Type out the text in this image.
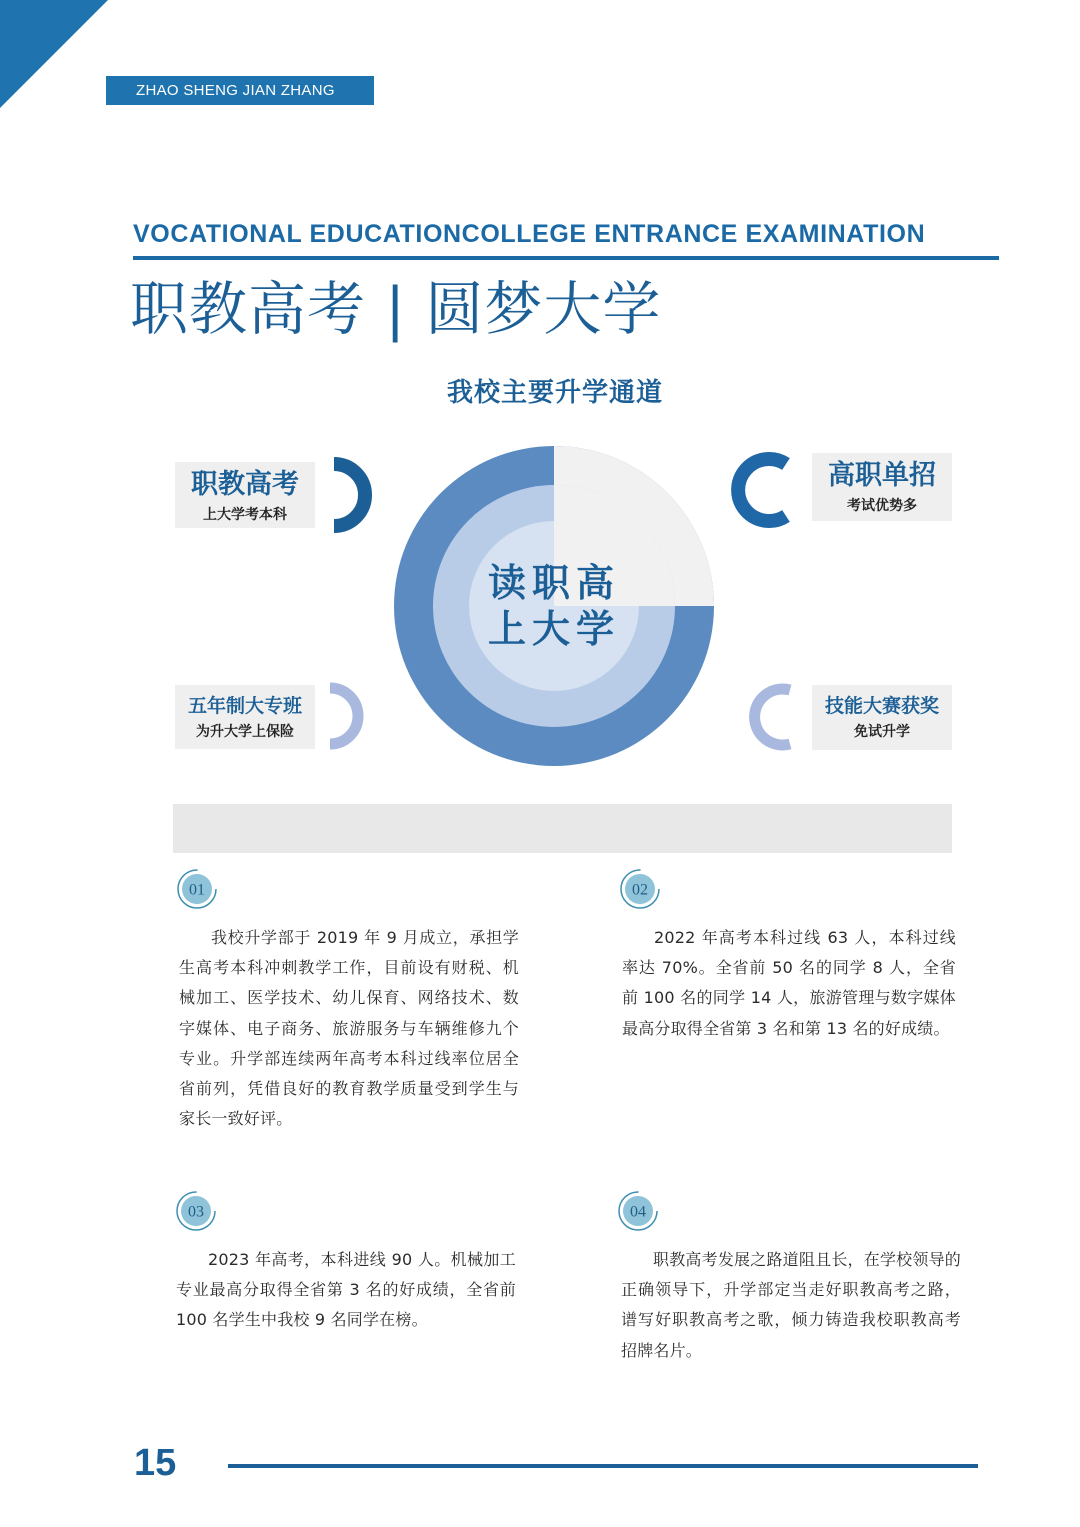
ZHAO SHENG JIAN ZHANG
VOCATIONAL EDUCATIONCOLLEGE ENTRANCE EXAMINATION
职教高考 | 圆梦大学
我校主要升学通道
读职高
上大学
职教高考
上大学考本科
高职单招
考试优势多
五年制大专班
为升大学上保险
技能大赛获奖
免试升学
01	02
03	04
我校升学部于 2019 年 9 月成立，承担学生高考本科冲刺教学工作，目前设有财税、机械加工、医学技术、幼儿保育、网络技术、数字媒体、电子商务、旅游服务与车辆维修九个专业。升学部连续两年高考本科过线率位居全省前列，凭借良好的教育教学质量受到学生与家长一致好评。
2022 年高考本科过线 63 人，本科过线率达 70%。全省前 50 名的同学 8 人，全省前 100 名的同学 14 人，旅游管理与数字媒体最高分取得全省第 3 名和第 13 名的好成绩。
2023 年高考，本科进线 90 人。机械加工专业最高分取得全省第 3 名的好成绩，全省前 100 名学生中我校 9 名同学在榜。
职教高考发展之路道阻且长，在学校领导的正确领导下，升学部定当走好职教高考之路，谱写好职教高考之歌，倾力铸造我校职教高考招牌名片。
15
